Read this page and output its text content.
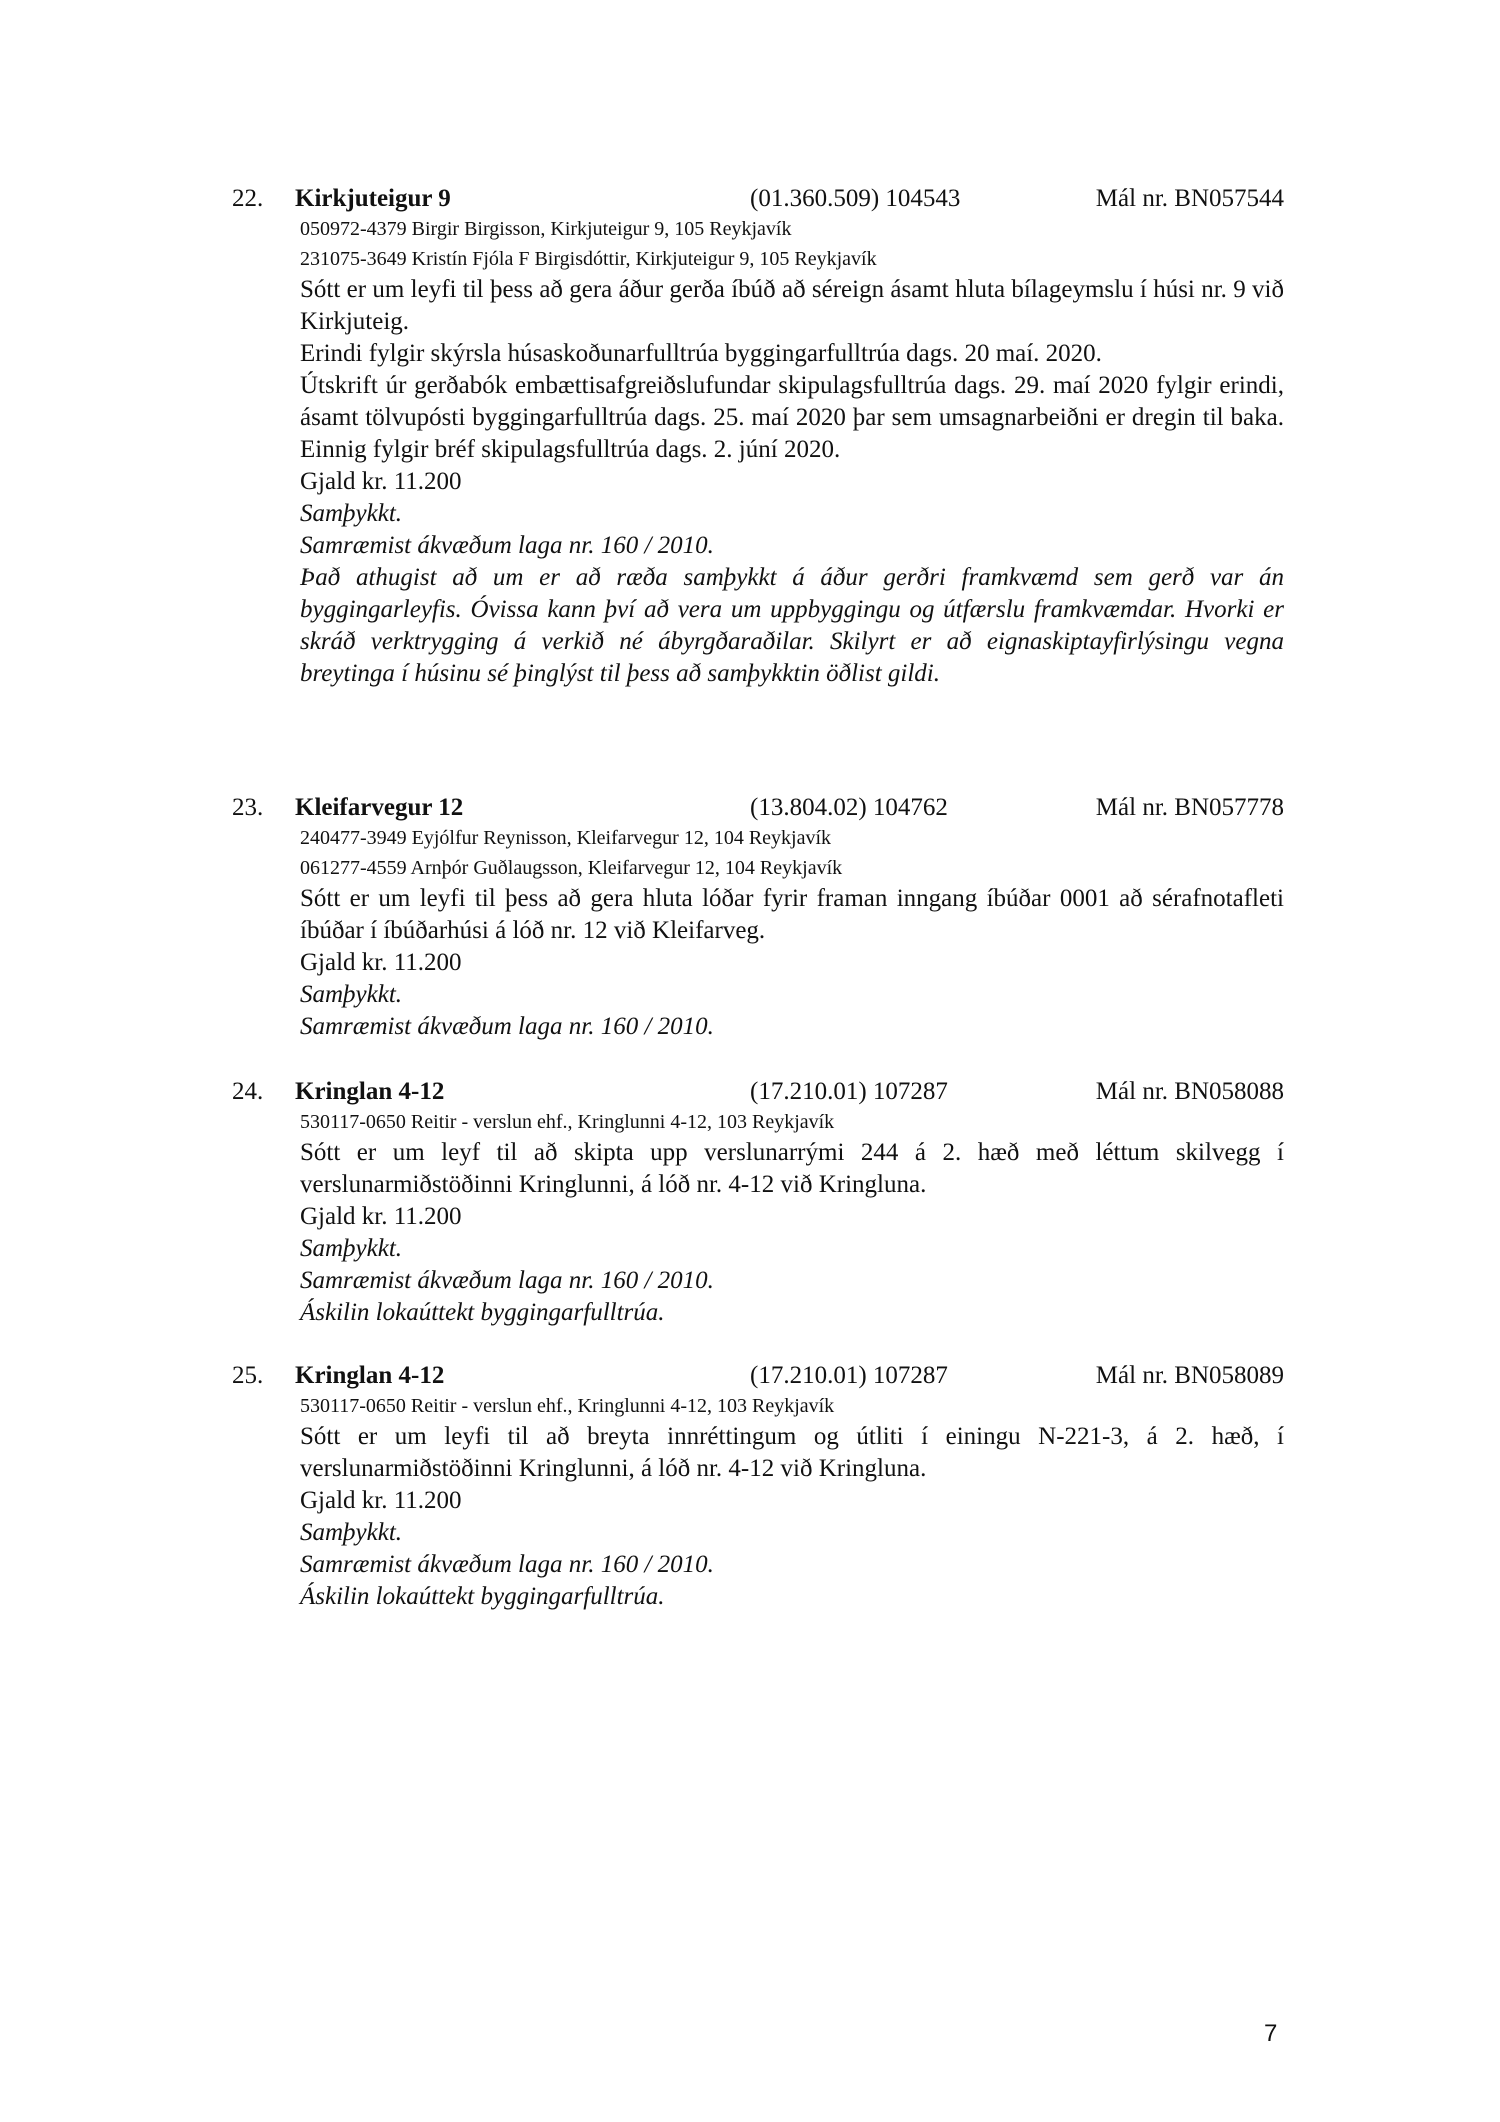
22. Kirkjuteigur 9	(01.360.509) 104543	Mál nr. BN057544
050972-4379 Birgir Birgisson, Kirkjuteigur 9, 105 Reykjavík
231075-3649 Kristín Fjóla F Birgisdóttir, Kirkjuteigur 9, 105 Reykjavík
Sótt er um leyfi til þess að gera áður gerða íbúð að séreign ásamt hluta bílageymslu í húsi nr. 9 við Kirkjuteig.
Erindi fylgir skýrsla húsaskoðunarfulltrúa byggingarfulltrúa dags. 20 maí. 2020.
Útskrift úr gerðabók embættisafgreiðslufundar skipulagsfulltrúa dags. 29. maí 2020 fylgir erindi, ásamt tölvupósti byggingarfulltrúa dags. 25. maí 2020 þar sem umsagnarbeiðni er dregin til baka. Einnig fylgir bréf skipulagsfulltrúa dags. 2. júní 2020.
Gjald kr. 11.200
Samþykkt.
Samræmist ákvæðum laga nr. 160 / 2010.
Það athugist að um er að ræða samþykkt á áður gerðri framkvæmd sem gerð var án byggingarleyfis. Óvissa kann því að vera um uppbyggingu og útfærslu framkvæmdar. Hvorki er skráð verktrygging á verkið né ábyrgðaraðilar. Skilyrt er að eignaskiptayfirlýsingu vegna breytinga í húsinu sé þinglýst til þess að samþykktin öðlist gildi.
23. Kleifarvegur 12	(13.804.02) 104762	Mál nr. BN057778
240477-3949 Eyjólfur Reynisson, Kleifarvegur 12, 104 Reykjavík
061277-4559 Arnþór Guðlaugsson, Kleifarvegur 12, 104 Reykjavík
Sótt er um leyfi til þess að gera hluta lóðar fyrir framan inngang íbúðar 0001 að sérafnotafleti íbúðar í íbúðarhúsi á lóð nr. 12 við Kleifarveg.
Gjald kr. 11.200
Samþykkt.
Samræmist ákvæðum laga nr. 160 / 2010.
24. Kringlan 4-12	(17.210.01) 107287	Mál nr. BN058088
530117-0650 Reitir - verslun ehf., Kringlunni 4-12, 103 Reykjavík
Sótt er um leyf til að skipta upp verslunarrými 244 á 2. hæð með léttum skilvegg í verslunarmiðstöðinni Kringlunni, á lóð nr. 4-12 við Kringluna.
Gjald kr. 11.200
Samþykkt.
Samræmist ákvæðum laga nr. 160 / 2010.
Áskilin lokaúttekt byggingarfulltrúa.
25. Kringlan 4-12	(17.210.01) 107287	Mál nr. BN058089
530117-0650 Reitir - verslun ehf., Kringlunni 4-12, 103 Reykjavík
Sótt er um leyfi til að breyta innréttingum og útliti í einingu N-221-3, á 2. hæð, í verslunarmiðstöðinni Kringlunni, á lóð nr. 4-12 við Kringluna.
Gjald kr. 11.200
Samþykkt.
Samræmist ákvæðum laga nr. 160 / 2010.
Áskilin lokaúttekt byggingarfulltrúa.
7
